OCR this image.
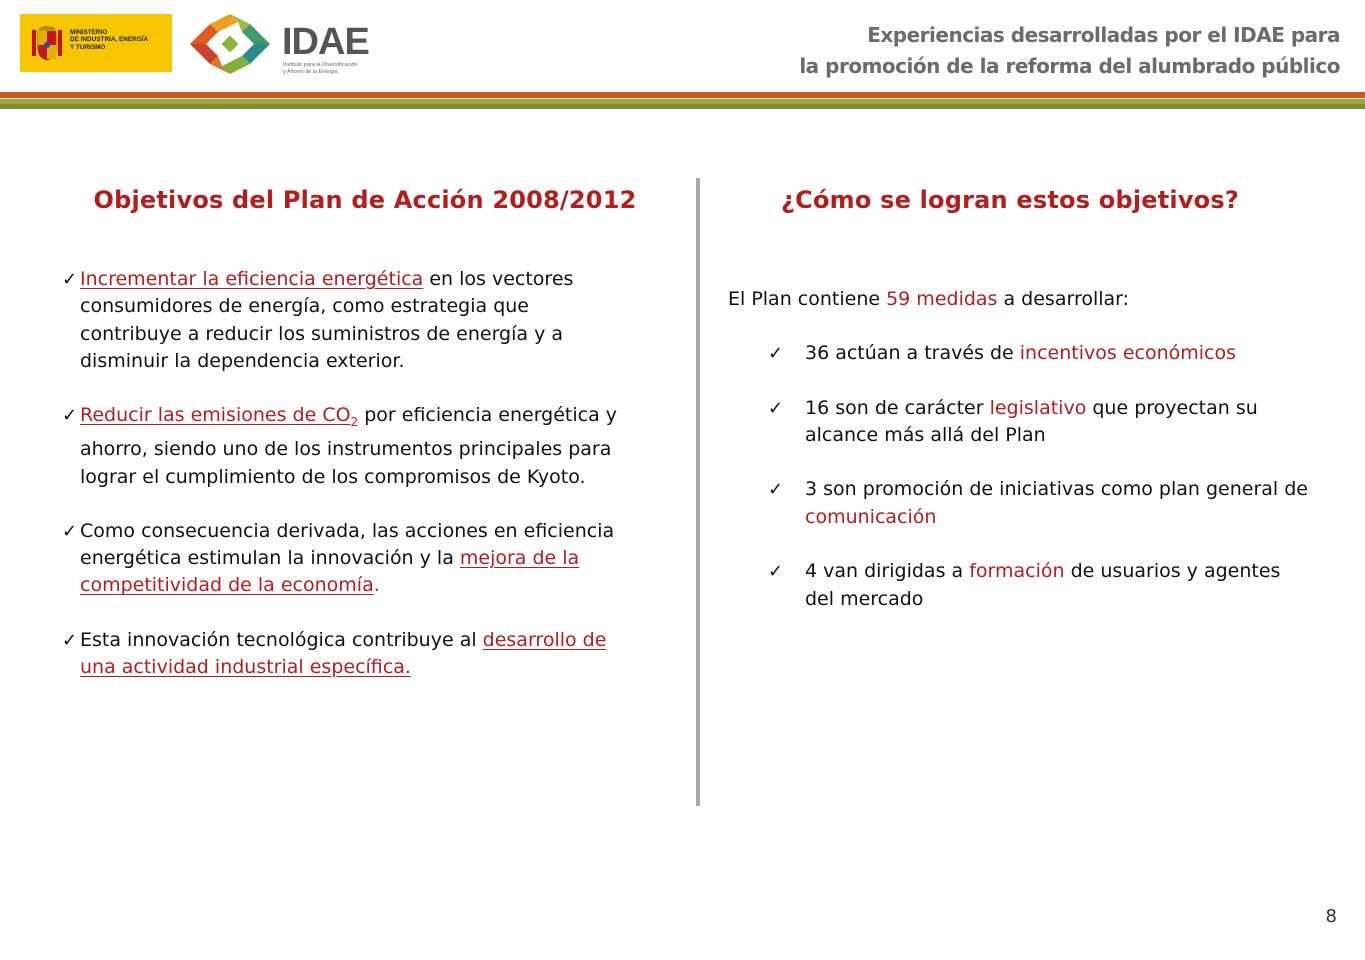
MINISTERIO
DE INDUSTRIA, ENERGÍA
Y TURISMO	IDAE
Instituto para la Diversificación
y Ahorro de la Energía
Experiencias desarrolladas por el IDAE para
la promoción de la reforma del alumbrado público
Objetivos del Plan de Acción 2008/2012
✓ Incrementar la eficiencia energética en los vectores consumidores de energía, como estrategia que contribuye a reducir los suministros de energía y a disminuir la dependencia exterior.
✓ Reducir las emisiones de $CO_2$ por eficiencia energética y ahorro, siendo uno de los instrumentos principales para lograr el cumplimiento de los compromisos de Kyoto.
✓ Como consecuencia derivada, las acciones en eficiencia energética estimulan la innovación y la mejora de la competitividad de la economía.
✓ Esta innovación tecnológica contribuye al desarrollo de una actividad industrial específica.
¿Cómo se logran estos objetivos?
El Plan contiene 59 medidas a desarrollar:
✓ 36 actúan a través de incentivos económicos
✓ 16 son de carácter legislativo que proyectan su alcance más allá del Plan
✓ 3 son promoción de iniciativas como plan general de comunicación
✓ 4 van dirigidas a formación de usuarios y agentes del mercado
8
